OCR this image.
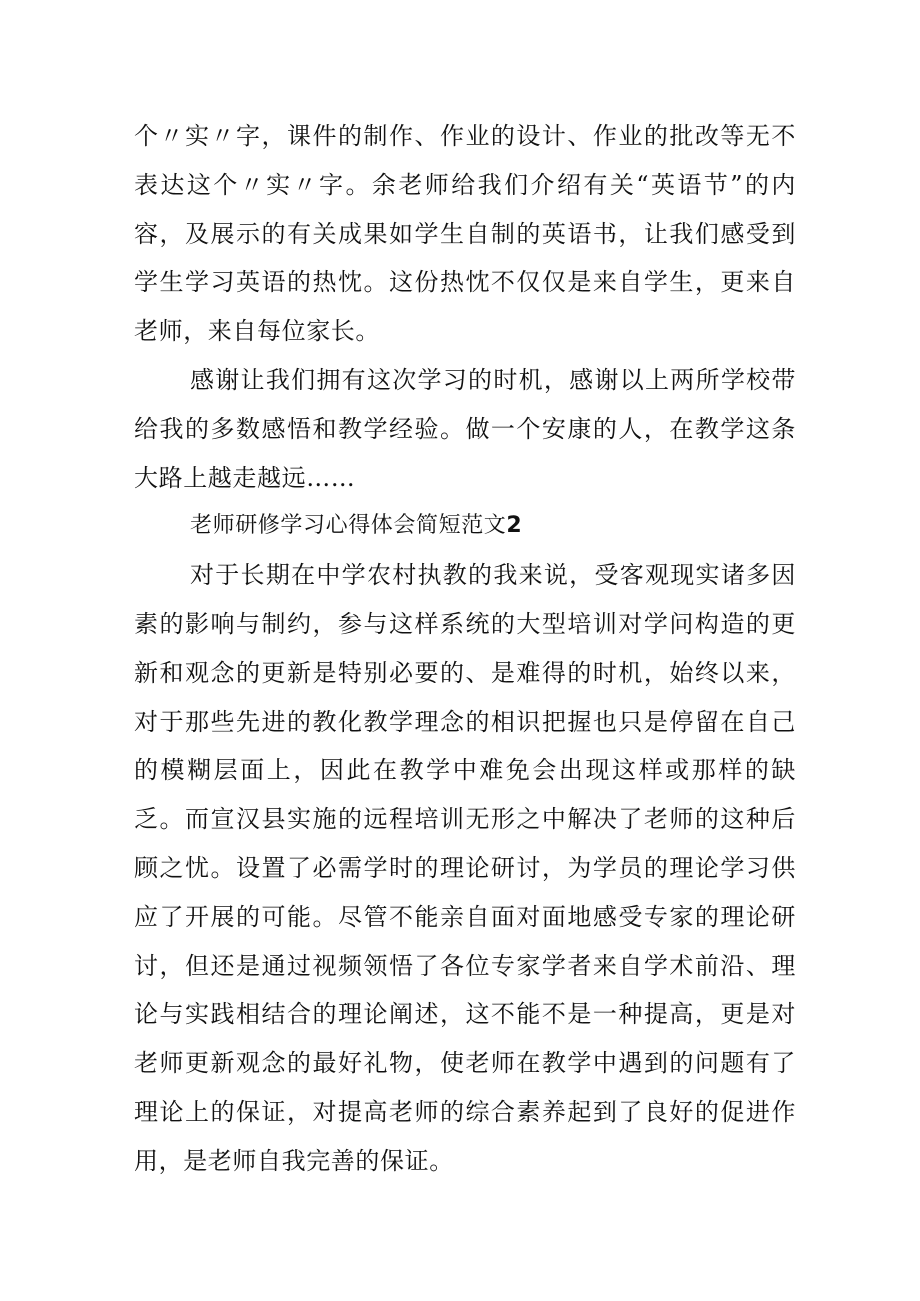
个〃实〃字，课件的制作、作业的设计、作业的批改等无不表达这个〃实〃字。余老师给我们介绍有关“英语节”的内容，及展示的有关成果如学生自制的英语书，让我们感受到学生学习英语的热忱。这份热忱不仅仅是来自学生，更来自老师，来自每位家长。

感谢让我们拥有这次学习的时机，感谢以上两所学校带给我的多数感悟和教学经验。做一个安康的人，在教学这条大路上越走越远……

老师研修学习心得体会简短范文2

对于长期在中学农村执教的我来说，受客观现实诸多因素的影响与制约，参与这样系统的大型培训对学问构造的更新和观念的更新是特别必要的、是难得的时机，始终以来，对于那些先进的教化教学理念的相识把握也只是停留在自己的模糊层面上，因此在教学中难免会出现这样或那样的缺乏。而宣汉县实施的远程培训无形之中解决了老师的这种后顾之忧。设置了必需学时的理论研讨，为学员的理论学习供应了开展的可能。尽管不能亲自面对面地感受专家的理论研讨，但还是通过视频领悟了各位专家学者来自学术前沿、理论与实践相结合的理论阐述，这不能不是一种提高，更是对老师更新观念的最好礼物，使老师在教学中遇到的问题有了理论上的保证，对提高老师的综合素养起到了良好的促进作用，是老师自我完善的保证。
